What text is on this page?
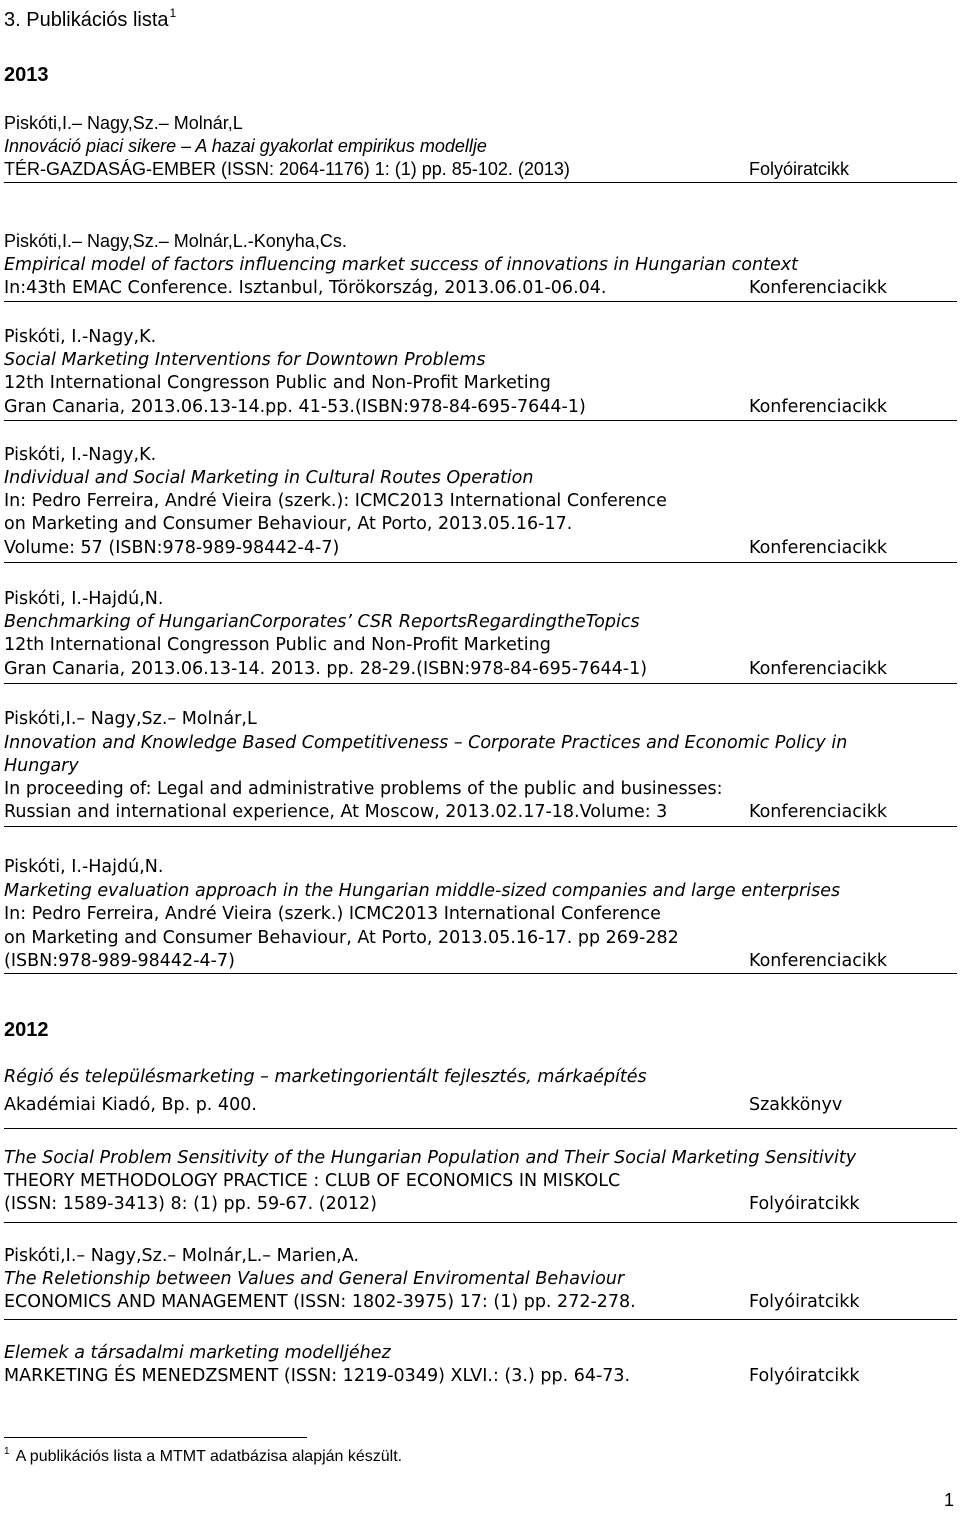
3. Publikációs lista$^1$
2013
Piskóti,I.– Nagy,Sz.– Molnár,L
Innováció piaci sikere – A hazai gyakorlat empirikus modellje
TÉR-GAZDASÁG-EMBER (ISSN: 2064-1176) 1: (1) pp. 85-102. (2013)	Folyóiratcikk
Piskóti,I.– Nagy,Sz.– Molnár,L.-Konyha,Cs.
Empirical model of factors influencing market success of innovations in Hungarian context
In:43th EMAC Conference. Isztanbul, Törökország, 2013.06.01-06.04.	Konferenciacikk
Piskóti, I.-Nagy,K.
Social Marketing Interventions for Downtown Problems
12th International Congresson Public and Non-Profit Marketing
Gran Canaria, 2013.06.13-14.pp. 41-53.(ISBN:978-84-695-7644-1)	Konferenciacikk
Piskóti, I.-Nagy,K.
Individual and Social Marketing in Cultural Routes Operation
In: Pedro Ferreira, André Vieira (szerk.): ICMC2013 International Conference
on Marketing and Consumer Behaviour, At Porto, 2013.05.16-17.
Volume: 57 (ISBN:978-989-98442-4-7)	Konferenciacikk
Piskóti, I.-Hajdú,N.
Benchmarking of HungarianCorporates’ CSR ReportsRegardingtheTopics
12th International Congresson Public and Non-Profit Marketing
Gran Canaria, 2013.06.13-14. 2013. pp. 28-29.(ISBN:978-84-695-7644-1)	Konferenciacikk
Piskóti,I.– Nagy,Sz.– Molnár,L
Innovation and Knowledge Based Competitiveness – Corporate Practices and Economic Policy in
Hungary
In proceeding of: Legal and administrative problems of the public and businesses:
Russian and international experience, At Moscow, 2013.02.17-18.Volume: 3	Konferenciacikk
Piskóti, I.-Hajdú,N.
Marketing evaluation approach in the Hungarian middle-sized companies and large enterprises
In: Pedro Ferreira, André Vieira (szerk.) ICMC2013 International Conference
on Marketing and Consumer Behaviour, At Porto, 2013.05.16-17. pp 269-282
(ISBN:978-989-98442-4-7)	Konferenciacikk
2012
Régió és településmarketing – marketingorientált fejlesztés, márkaépítés
Akadémiai Kiadó, Bp. p. 400.	Szakkönyv
The Social Problem Sensitivity of the Hungarian Population and Their Social Marketing Sensitivity
THEORY METHODOLOGY PRACTICE : CLUB OF ECONOMICS IN MISKOLC
(ISSN: 1589-3413) 8: (1) pp. 59-67. (2012)	Folyóiratcikk
Piskóti,I.– Nagy,Sz.– Molnár,L.– Marien,A.
The Reletionship between Values and General Enviromental Behaviour
ECONOMICS AND MANAGEMENT (ISSN: 1802-3975) 17: (1) pp. 272-278.	Folyóiratcikk
Elemek a társadalmi marketing modelljéhez
MARKETING ÉS MENEDZSMENT (ISSN: 1219-0349) XLVI.: (3.) pp. 64-73.	Folyóiratcikk
$^1$ A publikációs lista a MTMT adatbázisa alapján készült.
1
